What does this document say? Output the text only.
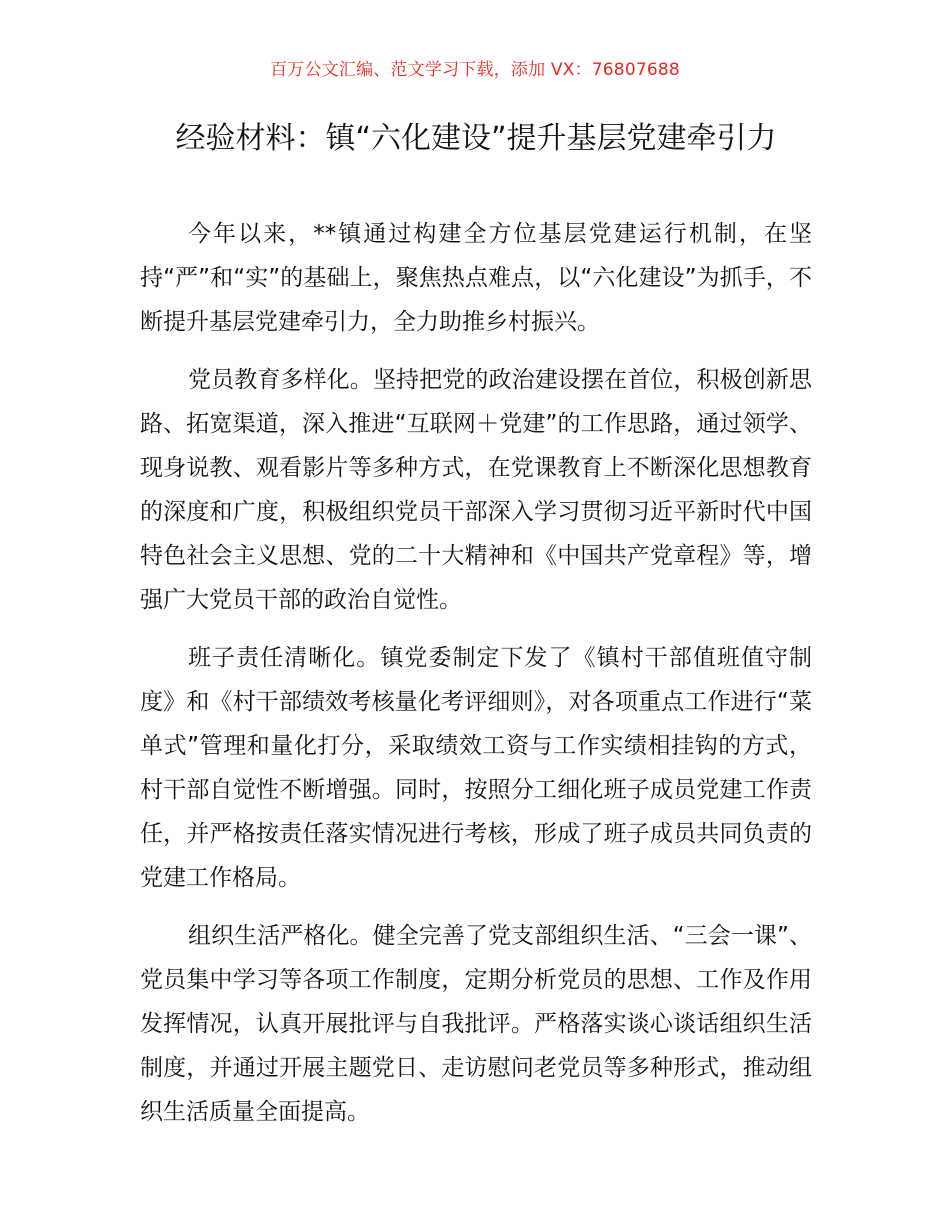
百万公文汇编、范文学习下载，添加 VX：76807688
经验材料：镇“六化建设”提升基层党建牵引力

今年以来，**镇通过构建全方位基层党建运行机制，在坚持“严”和“实”的基础上，聚焦热点难点，以“六化建设”为抓手，不断提升基层党建牵引力，全力助推乡村振兴。

党员教育多样化。坚持把党的政治建设摆在首位，积极创新思路、拓宽渠道，深入推进“互联网＋党建”的工作思路，通过领学、现身说教、观看影片等多种方式，在党课教育上不断深化思想教育的深度和广度，积极组织党员干部深入学习贯彻习近平新时代中国特色社会主义思想、党的二十大精神和《中国共产党章程》等，增强广大党员干部的政治自觉性。

班子责任清晰化。镇党委制定下发了《镇村干部值班值守制度》和《村干部绩效考核量化考评细则》，对各项重点工作进行“菜单式”管理和量化打分，采取绩效工资与工作实绩相挂钩的方式，村干部自觉性不断增强。同时，按照分工细化班子成员党建工作责任，并严格按责任落实情况进行考核，形成了班子成员共同负责的党建工作格局。

组织生活严格化。健全完善了党支部组织生活、“三会一课”、党员集中学习等各项工作制度，定期分析党员的思想、工作及作用发挥情况，认真开展批评与自我批评。严格落实谈心谈话组织生活制度，并通过开展主题党日、走访慰问老党员等多种形式，推动组织生活质量全面提高。
